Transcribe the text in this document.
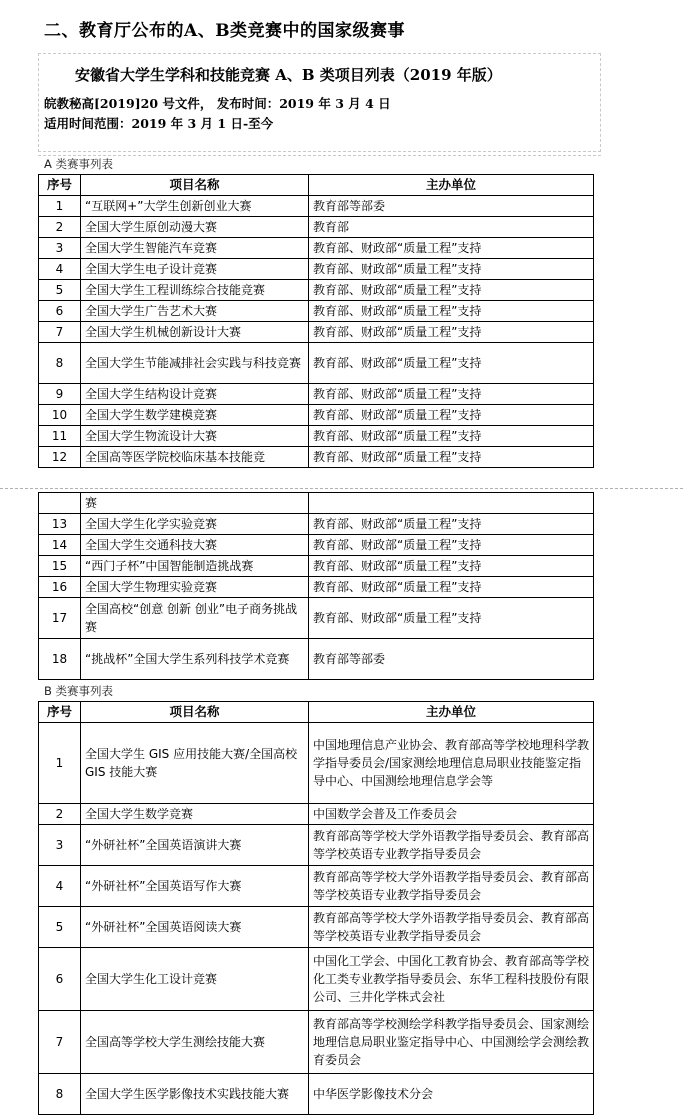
二、教育厅公布的A、B类竞赛中的国家级赛事
安徽省大学生学科和技能竞赛 A、B 类项目列表（2019 年版）

皖教秘高[2019]20 号文件， 发布时间：2019 年 3 月 4 日

适用时间范围：2019 年 3 月 1 日-至今

A 类赛事列表

序号	项目名称	主办单位
1	“互联网+”大学生创新创业大赛	教育部等部委
2	全国大学生原创动漫大赛	教育部
3	全国大学生智能汽车竞赛	教育部、财政部“质量工程”支持
4	全国大学生电子设计竞赛	教育部、财政部“质量工程”支持
5	全国大学生工程训练综合技能竞赛	教育部、财政部“质量工程”支持
6	全国大学生广告艺术大赛	教育部、财政部“质量工程”支持
7	全国大学生机械创新设计大赛	教育部、财政部“质量工程”支持
8	全国大学生节能减排社会实践与科技竞赛	教育部、财政部“质量工程”支持
9	全国大学生结构设计竞赛	教育部、财政部“质量工程”支持
10	全国大学生数学建模竞赛	教育部、财政部“质量工程”支持
11	全国大学生物流设计大赛	教育部、财政部“质量工程”支持
12	全国高等医学院校临床基本技能竞	教育部、财政部“质量工程”支持
	赛	
13	全国大学生化学实验竞赛	教育部、财政部“质量工程”支持
14	全国大学生交通科技大赛	教育部、财政部“质量工程”支持
15	“西门子杯”中国智能制造挑战赛	教育部、财政部“质量工程”支持
16	全国大学生物理实验竞赛	教育部、财政部“质量工程”支持
17	全国高校“创意 创新 创业”电子商务挑战赛	教育部、财政部“质量工程”支持
18	“挑战杯”全国大学生系列科技学术竞赛	教育部等部委

B 类赛事列表

序号	项目名称	主办单位
1	全国大学生 GIS 应用技能大赛/全国高校 GIS 技能大赛	中国地理信息产业协会、教育部高等学校地理科学教学指导委员会/国家测绘地理信息局职业技能鉴定指导中心、中国测绘地理信息学会等
2	全国大学生数学竞赛	中国数学会普及工作委员会
3	“外研社杯”全国英语演讲大赛	教育部高等学校大学外语教学指导委员会、教育部高等学校英语专业教学指导委员会
4	“外研社杯”全国英语写作大赛	教育部高等学校大学外语教学指导委员会、教育部高等学校英语专业教学指导委员会
5	“外研社杯”全国英语阅读大赛	教育部高等学校大学外语教学指导委员会、教育部高等学校英语专业教学指导委员会
6	全国大学生化工设计竞赛	中国化工学会、中国化工教育协会、教育部高等学校化工类专业教学指导委员会、东华工程科技股份有限公司、三井化学株式会社
7	全国高等学校大学生测绘技能大赛	教育部高等学校测绘学科教学指导委员会、国家测绘地理信息局职业鉴定指导中心、中国测绘学会测绘教育委员会
8	全国大学生医学影像技术实践技能大赛	中华医学影像技术分会
